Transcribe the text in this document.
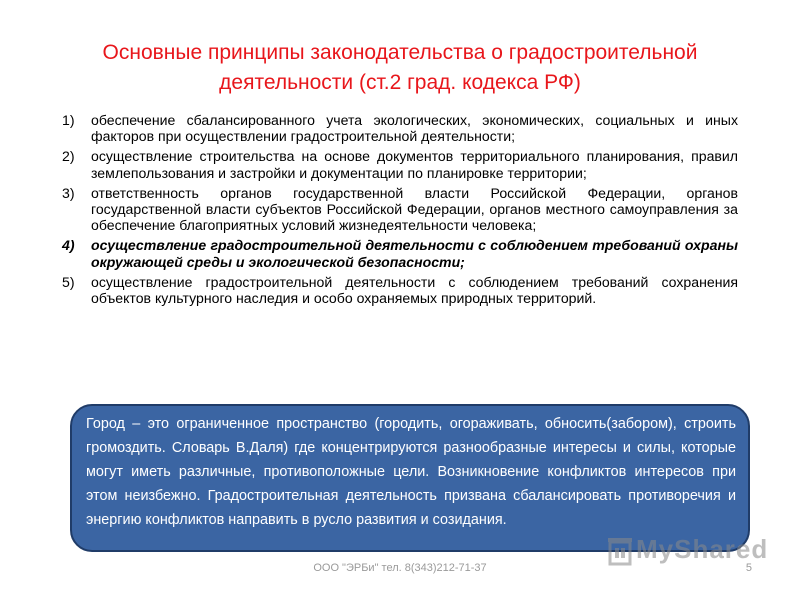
Основные принципы законодательства о градостроительной деятельности (ст.2 град. кодекса РФ)
1) обеспечение сбалансированного учета экологических, экономических, социальных и иных факторов при осуществлении градостроительной деятельности;
2) осуществление строительства на основе документов территориального планирования, правил землепользования и застройки и документации по планировке территории;
3) ответственность органов государственной власти Российской Федерации, органов государственной власти субъектов Российской Федерации, органов местного самоуправления за обеспечение благоприятных условий жизнедеятельности человека;
4) осуществление градостроительной деятельности с соблюдением требований охраны окружающей среды и экологической безопасности;
5) осуществление градостроительной деятельности с соблюдением требований сохранения объектов культурного наследия и особо охраняемых природных территорий.
Город – это ограниченное пространство (городить, огораживать, обносить(забором), строить громоздить. Словарь В.Даля) где концентрируются разнообразные интересы и силы, которые могут иметь различные, противоположные цели. Возникновение конфликтов интересов при этом неизбежно. Градостроительная деятельность призвана сбалансировать противоречия и энергию конфликтов направить в русло развития и созидания.
MyShared
ООО "ЭРБи" тел. 8(343)212-71-37	5
